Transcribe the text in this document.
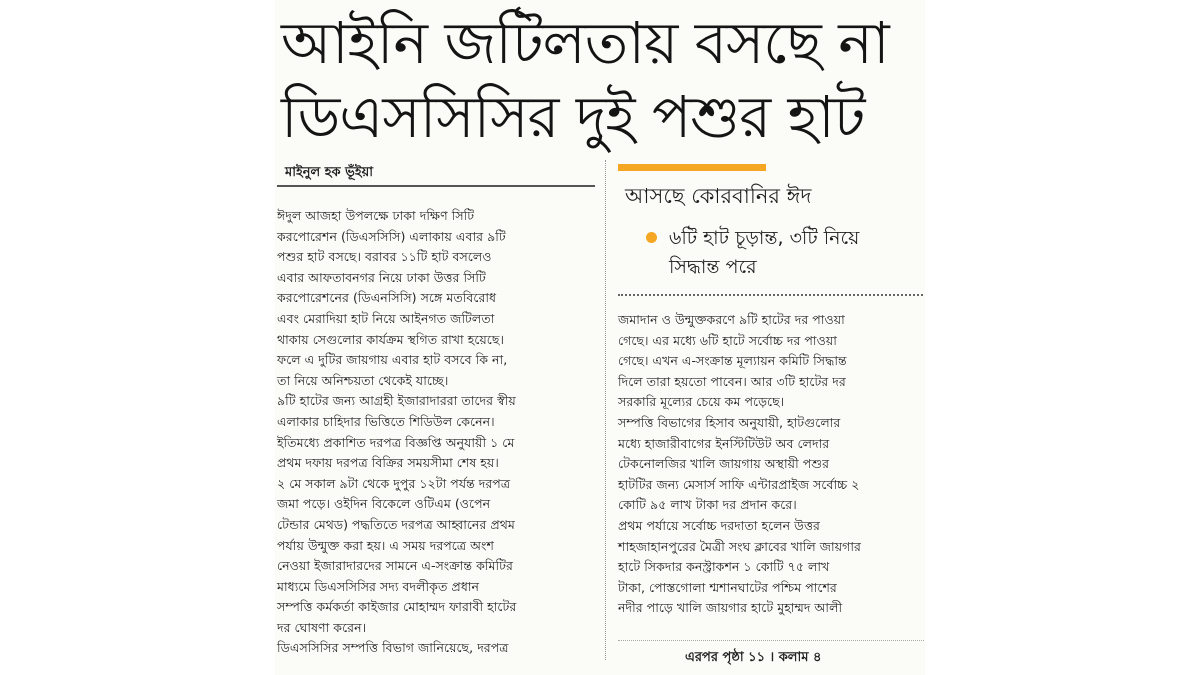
আইনি জটিলতায় বসছে না
ডিএসসিসির দুই পশুর হাট
মাইনুল হক ভূঁইয়া

ঈদুল আজহা উপলক্ষে ঢাকা দক্ষিণ সিটি

করপোরেশন (ডিএসসিসি) এলাকায় এবার ৯টি

পশুর হাট বসছে। বরাবর ১১টি হাট বসলেও

এবার আফতাবনগর নিয়ে ঢাকা উত্তর সিটি

করপোরেশনের (ডিএনসিসি) সঙ্গে মতবিরোধ

এবং মেরাদিয়া হাট নিয়ে আইনগত জটিলতা

থাকায় সেগুলোর কার্যক্রম স্থগিত রাখা হয়েছে।

ফলে এ দুটির জায়গায় এবার হাট বসবে কি না,

তা নিয়ে অনিশ্চয়তা থেকেই যাচ্ছে।

৯টি হাটের জন্য আগ্রহী ইজারাদাররা তাদের স্বীয়

এলাকার চাহিদার ভিত্তিতে শিডিউল কেনেন।

ইতিমধ্যে প্রকাশিত দরপত্র বিজ্ঞপ্তি অনুযায়ী ১ মে

প্রথম দফায় দরপত্র বিক্রির সময়সীমা শেষ হয়।

২ মে সকাল ৯টা থেকে দুপুর ১২টা পর্যন্ত দরপত্র

জমা পড়ে। ওইদিন বিকেলে ওটিএম (ওপেন

টেন্ডার মেথড) পদ্ধতিতে দরপত্র আহ্বানের প্রথম

পর্যায় উন্মুক্ত করা হয়। এ সময় দরপত্রে অংশ

নেওয়া ইজারাদারদের সামনে এ-সংক্রান্ত কমিটির

মাধ্যমে ডিএসসিসির সদ্য বদলীকৃত প্রধান

সম্পত্তি কর্মকর্তা কাইজার মোহাম্মদ ফারাবী হাটের

দর ঘোষণা করেন।

ডিএসসিসির সম্পত্তি বিভাগ জানিয়েছে, দরপত্র

আসছে কোরবানির ঈদ
৬টি হাট চূড়ান্ত, ৩টি নিয়ে
সিদ্ধান্ত পরে

জমাদান ও উন্মুক্তকরণে ৯টি হাটের দর পাওয়া

গেছে। এর মধ্যে ৬টি হাটে সর্বোচ্চ দর পাওয়া

গেছে। এখন এ-সংক্রান্ত মূল্যায়ন কমিটি সিদ্ধান্ত

দিলে তারা হয়তো পাবেন। আর ৩টি হাটের দর

সরকারি মূল্যের চেয়ে কম পড়েছে।

সম্পত্তি বিভাগের হিসাব অনুযায়ী, হাটগুলোর

মধ্যে হাজারীবাগের ইনস্টিটিউট অব লেদার

টেকনোলজির খালি জায়গায় অস্থায়ী পশুর

হাটটির জন্য মেসার্স সাফি এন্টারপ্রাইজ সর্বোচ্চ ২

কোটি ৯৫ লাখ টাকা দর প্রদান করে।

প্রথম পর্যায়ে সর্বোচ্চ দরদাতা হলেন উত্তর

শাহজাহানপুরের মৈত্রী সংঘ ক্লাবের খালি জায়গার

হাটে সিকদার কনস্ট্রাকশন ১ কোটি ৭৫ লাখ

টাকা, পোস্তগোলা শ্মশানঘাটের পশ্চিম পাশের

নদীর পাড়ে খালি জায়গার হাটে মুহাম্মদ আলী

এরপর পৃষ্ঠা ১১ । কলাম ৪
